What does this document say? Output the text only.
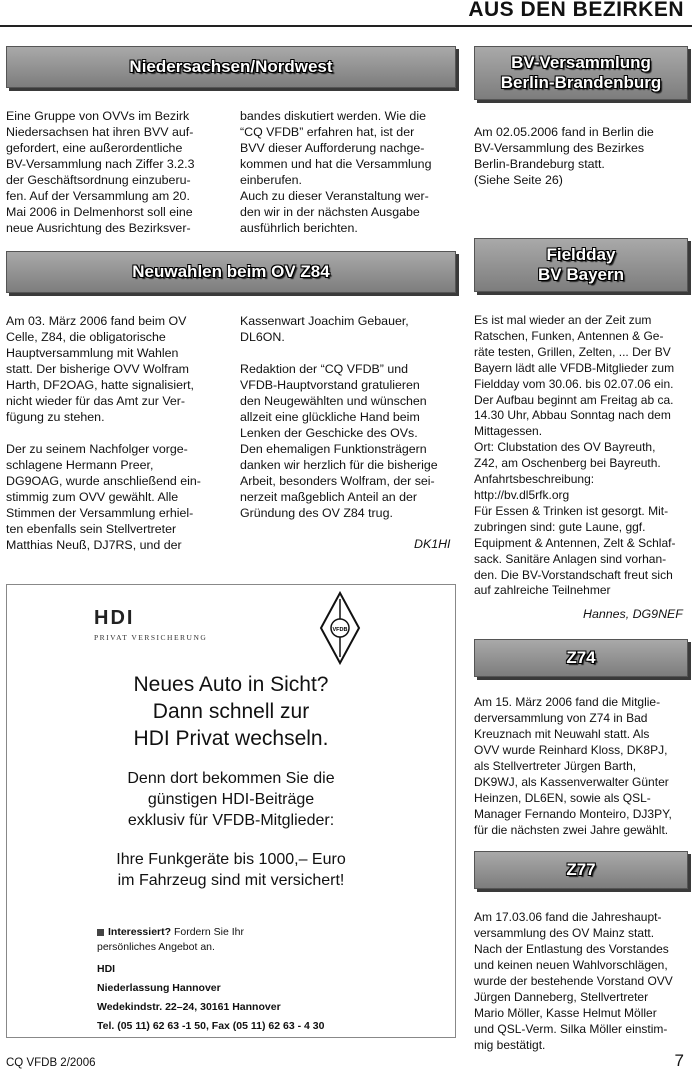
AUS DEN BEZIRKEN
Niedersachsen/Nordwest
Eine Gruppe von OVVs im Bezirk
Niedersachsen hat ihren BVV auf-
gefordert, eine außerordentliche
BV-Versammlung nach Ziffer 3.2.3
der Geschäftsordnung einzuberu-
fen. Auf der Versammlung am 20.
Mai 2006 in Delmenhorst soll eine
neue Ausrichtung des Bezirksver-
bandes diskutiert werden. Wie die
“CQ VFDB” erfahren hat, ist der
BVV dieser Aufforderung nachge-
kommen und hat die Versammlung
einberufen.
Auch zu dieser Veranstaltung wer-
den wir in der nächsten Ausgabe
ausführlich berichten.
Neuwahlen beim OV Z84
Am 03. März 2006 fand beim OV
Celle, Z84, die obligatorische
Hauptversammlung mit Wahlen
statt. Der bisherige OVV Wolfram
Harth, DF2OAG, hatte signalisiert,
nicht wieder für das Amt zur Ver-
fügung zu stehen.
Der zu seinem Nachfolger vorge-
schlagene Hermann Preer,
DG9OAG, wurde anschließend ein-
stimmig zum OVV gewählt. Alle
Stimmen der Versammlung erhiel-
ten ebenfalls sein Stellvertreter
Matthias Neuß, DJ7RS, und der
Kassenwart Joachim Gebauer,
DL6ON.
Redaktion der “CQ VFDB” und
VFDB-Hauptvorstand gratulieren
den Neugewählten und wünschen
allzeit eine glückliche Hand beim
Lenken der Geschicke des OVs.
Den ehemaligen Funktionsträgern
danken wir herzlich für die bisherige
Arbeit, besonders Wolfram, der sei-
nerzeit maßgeblich Anteil an der
Gründung des OV Z84 trug.
DK1HI
HDI
PRIVAT VERSICHERUNG
VFDB
Neues Auto in Sicht?
Dann schnell zur
HDI Privat wechseln.
Denn dort bekommen Sie die
günstigen HDI-Beiträge
exklusiv für VFDB-Mitglieder:
Ihre Funkgeräte bis 1000,– Euro
im Fahrzeug sind mit versichert!

Interessiert? Fordern Sie Ihr
persönliches Angebot an.

HDI
Niederlassung Hannover
Wedekindstr. 22–24, 30161 Hannover
Tel. (05 11) 62 63 -1 50, Fax (05 11) 62 63 - 4 30
BV-Versammlung
Berlin-Brandenburg
Am 02.05.2006 fand in Berlin die
BV-Versammlung des Bezirkes
Berlin-Brandeburg statt.
(Siehe Seite 26)
Fieldday
BV Bayern
Es ist mal wieder an der Zeit zum
Ratschen, Funken, Antennen & Ge-
räte testen, Grillen, Zelten, ... Der BV
Bayern lädt alle VFDB-Mitglieder zum
Fieldday vom 30.06. bis 02.07.06 ein.
Der Aufbau beginnt am Freitag ab ca.
14.30 Uhr, Abbau Sonntag nach dem
Mittagessen.
Ort: Clubstation des OV Bayreuth,
Z42, am Oschenberg bei Bayreuth.
Anfahrtsbeschreibung:
http://bv.dl5rfk.org
Für Essen & Trinken ist gesorgt. Mit-
zubringen sind: gute Laune, ggf.
Equipment & Antennen, Zelt & Schlaf-
sack. Sanitäre Anlagen sind vorhan-
den. Die BV-Vorstandschaft freut sich
auf zahlreiche Teilnehmer
Hannes, DG9NEF
Z74
Am 15. März 2006 fand die Mitglie-
derversammlung von Z74 in Bad
Kreuznach mit Neuwahl statt. Als
OVV wurde Reinhard Kloss, DK8PJ,
als Stellvertreter Jürgen Barth,
DK9WJ, als Kassenverwalter Günter
Heinzen, DL6EN, sowie als QSL-
Manager Fernando Monteiro, DJ3PY,
für die nächsten zwei Jahre gewählt.
Z77
Am 17.03.06 fand die Jahreshaupt-
versammlung des OV Mainz statt.
Nach der Entlastung des Vorstandes
und keinen neuen Wahlvorschlägen,
wurde der bestehende Vorstand OVV
Jürgen Danneberg, Stellvertreter
Mario Möller, Kasse Helmut Möller
und QSL-Verm. Silka Möller einstim-
mig bestätigt.
CQ VFDB 2/2006	7
